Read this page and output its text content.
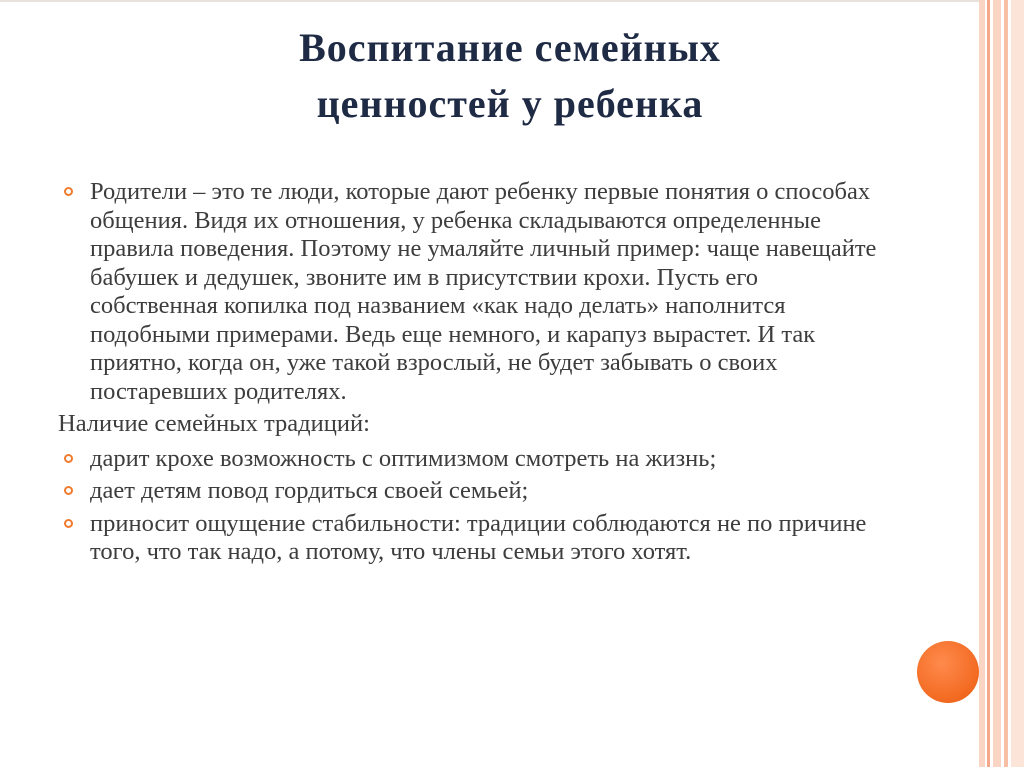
Воспитание семейных
ценностей у ребенка
Родители – это те люди, которые дают ребенку первые понятия о способах общения. Видя их отношения, у ребенка складываются определенные правила поведения. Поэтому не умаляйте личный пример: чаще навещайте бабушек и дедушек, звоните им в присутствии крохи. Пусть его собственная копилка под названием «как надо делать» наполнится подобными примерами. Ведь еще немного, и карапуз вырастет. И так приятно, когда он, уже такой взрослый, не будет забывать о своих постаревших родителях.
Наличие семейных традиций:
дарит крохе возможность с оптимизмом смотреть на жизнь;
дает детям повод гордиться своей семьей;
приносит ощущение стабильности: традиции соблюдаются не по причине того, что так надо, а потому, что члены семьи этого хотят.
